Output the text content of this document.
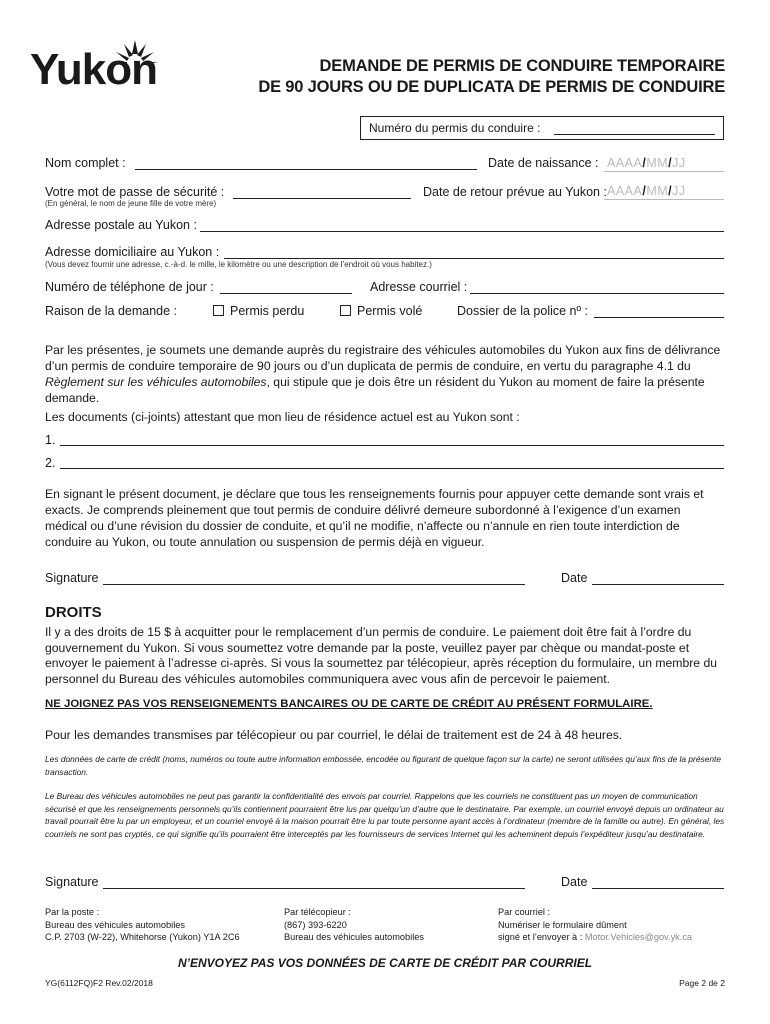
Yukon	DEMANDE DE PERMIS DE CONDUIRE TEMPORAIRE
DE 90 JOURS OU DE DUPLICATA DE PERMIS DE CONDUIRE
Numéro du permis du conduire :
Nom complet :	Date de naissance : AAAA/MM/JJ
Votre mot de passe de sécurité :
(En général, le nom de jeune fille de votre mère)
Date de retour prévue au Yukon : AAAA/MM/JJ
Adresse postale au Yukon :
Adresse domiciliaire au Yukon :
(Vous devez fournir une adresse, c.-à-d. le mille, le kilomètre ou une description de l’endroit où vous habitez.)
Numéro de téléphone de jour :	Adresse courriel :
Raison de la demande :	Permis perdu	Permis volé	Dossier de la police nº :
Par les présentes, je soumets une demande auprès du registraire des véhicules automobiles du Yukon aux fins de délivrance d’un permis de conduire temporaire de 90 jours ou d’un duplicata de permis de conduire, en vertu du paragraphe 4.1 du Règlement sur les véhicules automobiles, qui stipule que je dois être un résident du Yukon au moment de faire la présente demande.
Les documents (ci-joints) attestant que mon lieu de résidence actuel est au Yukon sont :
1.
2.
En signant le présent document, je déclare que tous les renseignements fournis pour appuyer cette demande sont vrais et exacts. Je comprends pleinement que tout permis de conduire délivré demeure subordonné à l’exigence d’un examen médical ou d’une révision du dossier de conduite, et qu’il ne modifie, n’affecte ou n’annule en rien toute interdiction de conduire au Yukon, ou toute annulation ou suspension de permis déjà en vigueur.
Signature	Date
DROITS
Il y a des droits de 15 $ à acquitter pour le remplacement d’un permis de conduire. Le paiement doit être fait à l’ordre du gouvernement du Yukon. Si vous soumettez votre demande par la poste, veuillez payer par chèque ou mandat-poste et envoyer le paiement à l’adresse ci-après. Si vous la soumettez par télécopieur, après réception du formulaire, un membre du personnel du Bureau des véhicules automobiles communiquera avec vous afin de percevoir le paiement.
NE JOIGNEZ PAS VOS RENSEIGNEMENTS BANCAIRES OU DE CARTE DE CRÉDIT AU PRÉSENT FORMULAIRE.
Pour les demandes transmises par télécopieur ou par courriel, le délai de traitement est de 24 à 48 heures.
Les données de carte de crédit (noms, numéros ou toute autre information embossée, encodée ou figurant de quelque façon sur la carte) ne seront utilisées qu’aux fins de la présente transaction.
Le Bureau des véhicules automobiles ne peut pas garantir la confidentialité des envois par courriel. Rappelons que les courriels ne constituent pas un moyen de communication sécurisé et que les renseignements personnels qu’ils contiennent pourraient être lus par quelqu’un d’autre que le destinataire. Par exemple, un courriel envoyé depuis un ordinateur au travail pourrait être lu par un employeur, et un courriel envoyé à la maison pourrait être lu par toute personne ayant accès à l’ordinateur (membre de la famille ou autre). En général, les courriels ne sont pas cryptés, ce qui signifie qu’ils pourraient être interceptés par les fournisseurs de services Internet qui les acheminent depuis l’expéditeur jusqu’au destinataire.
Signature	Date
Par la poste :
Bureau des véhicules automobiles
C.P. 2703 (W-22), Whitehorse (Yukon) Y1A 2C6
Par télécopieur :
(867) 393-6220
Bureau des véhicules automobiles
Par courriel :
Numériser le formulaire dûment
signé et l’envoyer à : Motor.Vehicles@gov.yk.ca
N’ENVOYEZ PAS VOS DONNÉES DE CARTE DE CRÉDIT PAR COURRIEL
YG(6112FQ)F2 Rev.02/2018	Page 2 de 2
